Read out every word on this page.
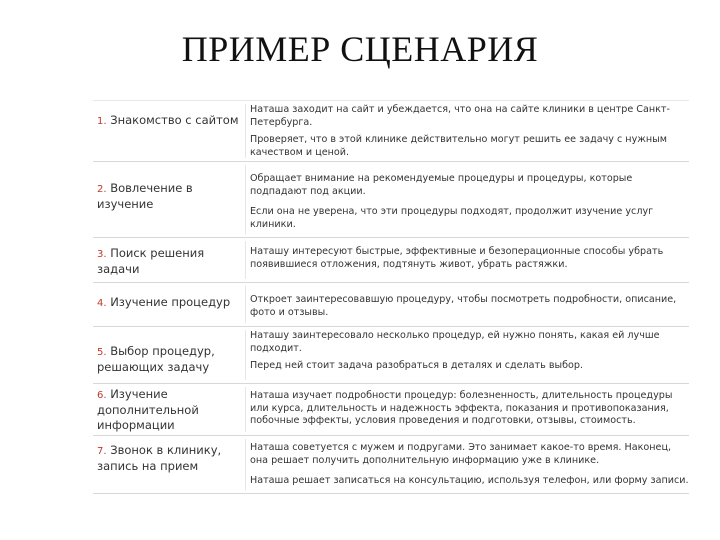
ПРИМЕР СЦЕНАРИЯ
1. Знакомство с сайтом

Наташа заходит на сайт и убеждается, что она на сайте клиники в центре Санкт-Петербурга.

Проверяет, что в этой клинике действительно могут решить ее задачу с нужным качеством и ценой.

2. Вовлечение в изучение

Обращает внимание на рекомендуемые процедуры и процедуры, которые подпадают под акции.

Если она не уверена, что эти процедуры подходят, продолжит изучение услуг клиники.

3. Поиск решения задачи

Наташу интересуют быстрые, эффективные и безоперационные способы убрать появившиеся отложения, подтянуть живот, убрать растяжки.

4. Изучение процедур	Откроет заинтересовавшую процедуру, чтобы посмотреть подробности, описание, фото и отзывы.

5. Выбор процедур, решающих задачу

Наташу заинтересовало несколько процедур, ей нужно понять, какая ей лучше подходит.

Перед ней стоит задача разобраться в деталях и сделать выбор.

6. Изучение дополнительной информации

Наташа изучает подробности процедур: болезненность, длительность процедуры или курса, длительность и надежность эффекта, показания и противопоказания, побочные эффекты, условия проведения и подготовки, отзывы, стоимость.

7. Звонок в клинику, запись на прием

Наташа советуется с мужем и подругами. Это занимает какое-то время. Наконец, она решает получить дополнительную информацию уже в клинике.

Наташа решает записаться на консультацию, используя телефон, или форму записи.
